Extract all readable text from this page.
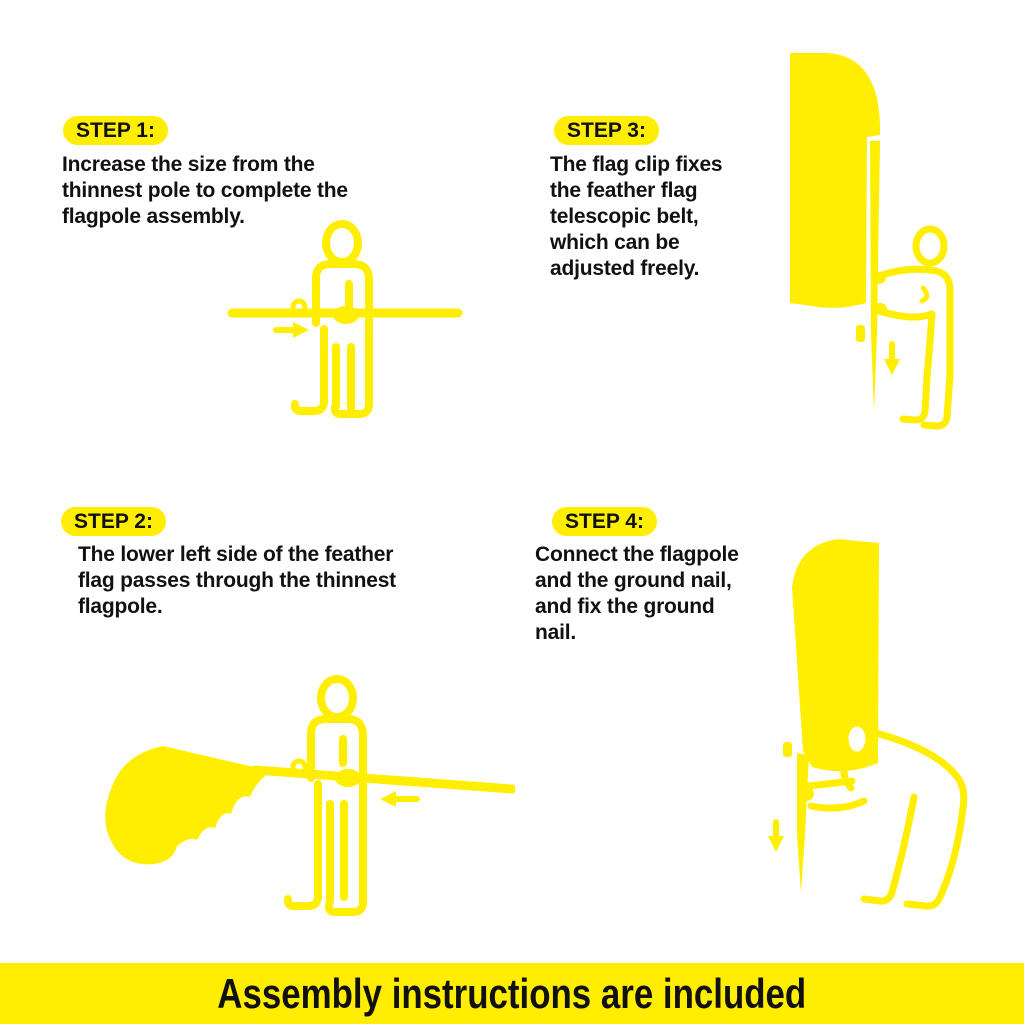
STEP 1:

Increase the size from the thinnest pole to complete the flagpole assembly.

STEP 3:

The flag clip fixes the feather flag telescopic belt, which can be adjusted freely.

STEP 2:

The lower left side of the feather flag passes through the thinnest flagpole.

STEP 4:

Connect the flagpole and the ground nail, and fix the ground nail.

Assembly instructions are included
